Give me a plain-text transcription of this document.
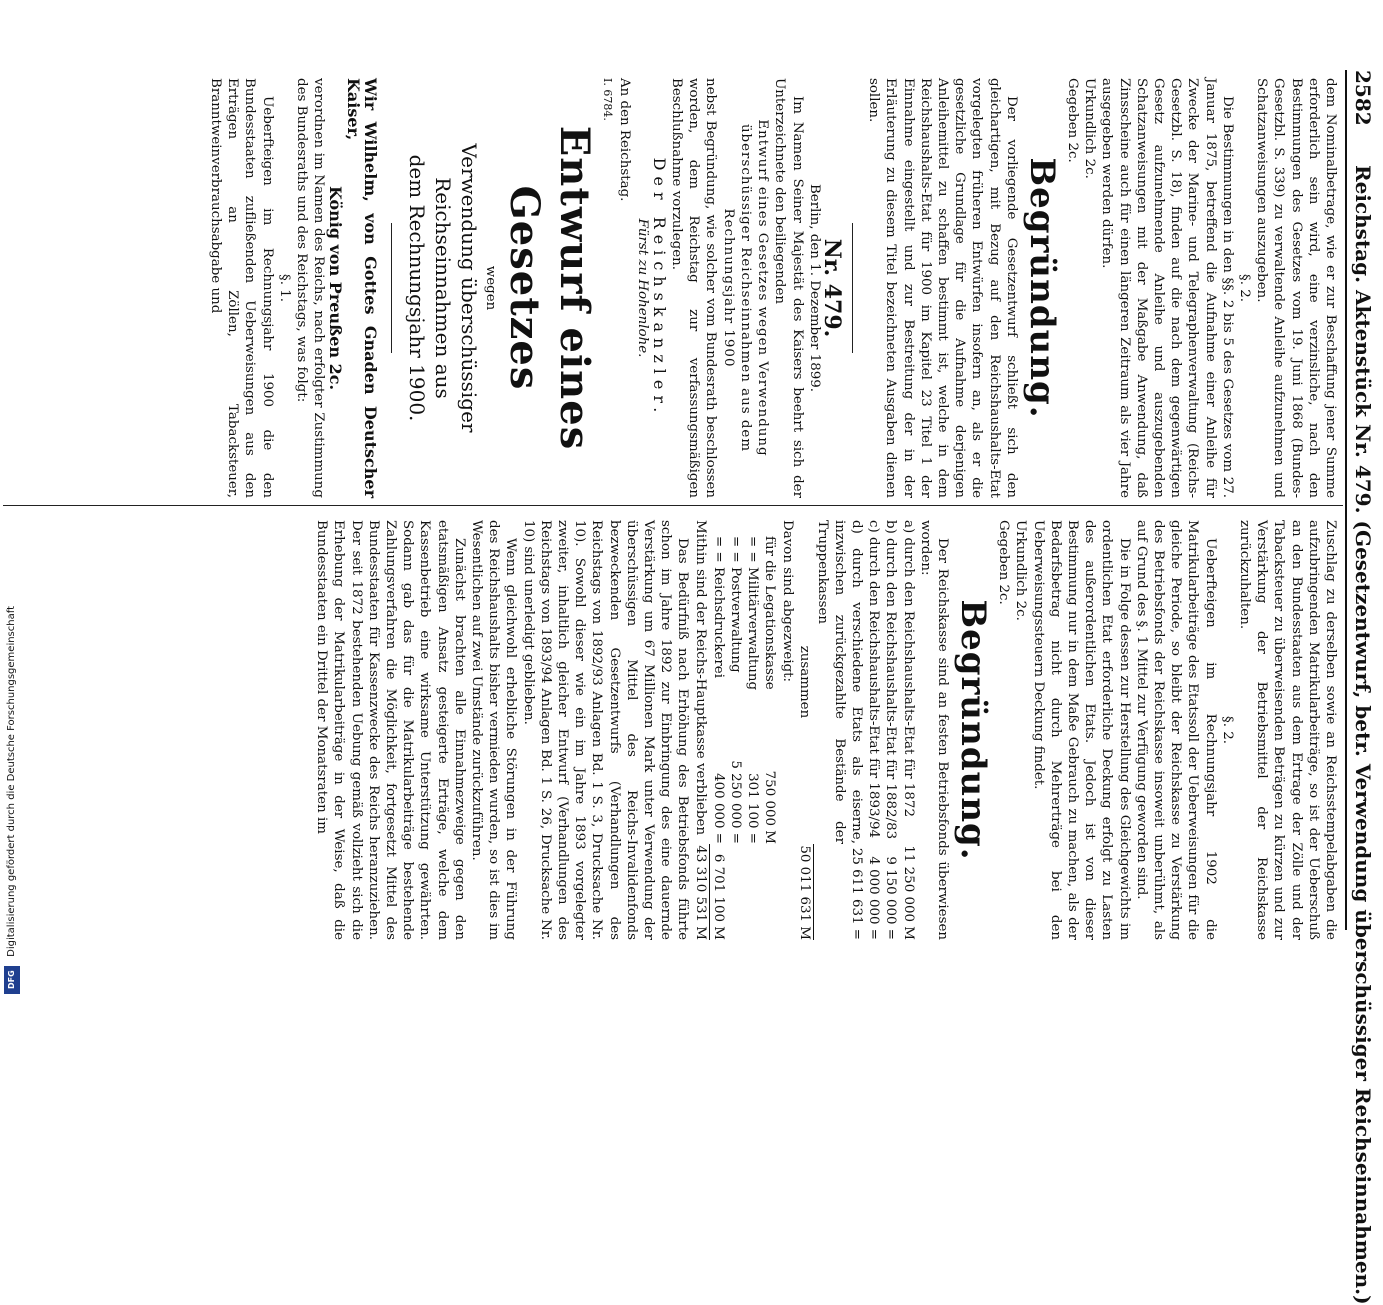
2582
Reichstag. Aktenstück Nr. 479. (Gesetzentwurf, betr. Verwendung überschüssiger Reichseinnahmen.)

dem Nominalbetrage, wie er zur Beschaffung jener Summe erforderlich sein wird, eine verzinsliche, nach den Bestimmungen des Gesetzes vom 19. Juni 1868 (Bundes-Gesetzbl. S. 339) zu verwaltende Anleihe aufzunehmen und Schatzanweisungen auszugeben.

§. 2.

Die Bestimmungen in den §§. 2 bis 5 des Gesetzes vom 27. Januar 1875, betreffend die Aufnahme einer Anleihe für Zwecke der Marine- und Telegraphenverwaltung (Reichs-Gesetzbl. S. 18), finden auf die nach dem gegenwärtigen Gesetz aufzunehmende Anleihe und auszugebenden Schatzanweisungen mit der Maßgabe Anwendung, daß Zinsscheine auch für einen längeren Zeitraum als vier Jahre ausgegeben werden dürfen.

Urkundlich 2c.

Gegeben 2c.

Begründung.

Der vorliegende Gesetzentwurf schließt sich den gleichartigen, mit Bezug auf den Reichshaushalts-Etat vorgelegten früheren Entwürfen insofern an, als er die gesetzliche Grundlage für die Aufnahme derjenigen Anleihemittel zu schaffen bestimmt ist, welche in dem Reichshaushalts-Etat für 1900 im Kapitel 23 Titel 1 der Einnahme eingestellt und zur Bestreitung der in der Erläuterung zu diesem Titel bezeichneten Ausgaben dienen sollen.

Nr. 479.

Berlin, den 1. Dezember 1899.

Im Namen Seiner Majestät des Kaisers beehrt sich der Unterzeichnete den beiliegenden

Entwurf eines Gesetzes wegen Verwendung

überschüssiger Reichseinnahmen aus dem

Rechnungsjahr 1900

nebst Begründung, wie solcher vom Bundesrath beschlossen worden, dem Reichstag zur verfassungsmäßigen Beschlußnahme vorzulegen.

Der Reichskanzler.

Fürst zu Hohenlohe.

An den Reichstag.

I. 6784.

Entwurf eines Gesetzes

wegen

Verwendung überschüssiger Reichseinnahmen aus

dem Rechnungsjahr 1900.

Wir Wilhelm, von Gottes Gnaden Deutscher Kaiser,

König von Preußen 2c.

verordnen im Namen des Reichs, nach erfolgter Zustimmung des Bundesraths und des Reichstags, was folgt:

§. 1.

Ueberfteigen im Rechnungsjahr 1900 die den Bundesstaaten zufließenden Ueberweisungen aus den Erträgen an Zöllen, Tabacksteuer, Branntweinverbrauchsabgabe und

Zuschlag zu derselben sowie an Reichsstempelabgaben die aufzubringenden Matrikularbeiträge, so ist der Ueberschuß an den Bundesstaaten aus dem Ertrage der Zölle und der Tabacksteuer zu überweisenden Beträgen zu kürzen und zur Verstärkung der Betriebsmittel der Reichskasse zurückzuhalten.

§. 2.

Ueberfteigen im Rechnungsjahr 1902 die Matrikularbeiträge des Etatssoll der Ueberweisungen für die gleiche Periode, so bleibt der Reichskasse zu Verstärkung des Betriebsfonds der Reichskasse insoweit unberühmt, als auf Grund des §. 1 Mittel zur Verfügung geworden sind.

Die in Folge dessen zur Herstellung des Gleichgewichts im ordentlichen Etat erforderliche Deckung erfolgt zu Lasten des außerordentlichen Etats. Jedoch ist von dieser Bestimmung nur in dem Maße Gebrauch zu machen, als der Bedarfsbetrag nicht durch Mehrerträge bei den Ueberweisungssteuern Deckung findet.

Urkundlich 2c.

Gegeben 2c.

Begründung.

Der Reichskasse sind an festen Betriebsfonds überwiesen worden:

a) durch den Reichshaushalts-Etat für 1872	11 250 000 M
b) durch den Reichshaushalts-Etat für 1882/83	9 150 000 =
c) durch den Reichshaushalts-Etat für 1893/94	4 000 000 =
d) durch verschiedene Etats als eiserne, inzwischen zurückgezahlte Bestände der Truppenkassen	25 611 631 =
zusammen	50 011 631 M

Davon sind abgezweigt:

für die Legationskasse	750 000 M	
= = Militärverwaltung	301 100 =	
= = Postverwaltung	5 250 000 =	
= = Reichsdruckerei	400 000 =	6 701 100 M
Mithin sind der Reichs-Hauptkasse verblieben		43 310 531 M

Das Bedürfniß nach Erhöhung des Betriebsfonds führte schon im Jahre 1892 zur Einbringung des eine dauernde Verstärkung um 67 Millionen Mark unter Verwendung der überschüssigen Mittel des Reichs-Invalidenfonds bezweckenden Gesetzentwurfs (Verhandlungen des Reichstags von 1892/93 Anlagen Bd. 1 S. 3, Drucksache Nr. 10). Sowohl dieser wie ein im Jahre 1893 vorgelegter zweiter, inhaltlich gleicher Entwurf (Verhandlungen des Reichstags von 1893/94 Anlagen Bd. 1 S. 26, Drucksache Nr. 10) sind unerledigt geblieben.

Wenn gleichwohl erhebliche Störungen in der Führung des Reichshaushalts bisher vermieden wurden, so ist dies im Wesentlichen auf zwei Umstände zurückzuführen.

Zunächst brachten alle Einnahmezweige gegen den etatsmäßigen Ansatz gesteigerte Erträge, welche dem Kassenbetrieb eine wirksame Unterstützung gewährten. Sodann gab das für die Matrikularbeiträge bestehende Zahlungsverfahren die Möglichkeit, fortgesetzt Mittel des Bundesstaaten für Kassenzwecke des Reichs heranzuziehen. Der seit 1872 bestehenden Uebung gemäß vollzieht sich die Erhebung der Matrikularbeiträge in der Weise, daß die Bundesstaaten ein Drittel der Monatsraten im

Digitalisierung gefördert durch die Deutsche Forschungsgemeinschaft
DFG
